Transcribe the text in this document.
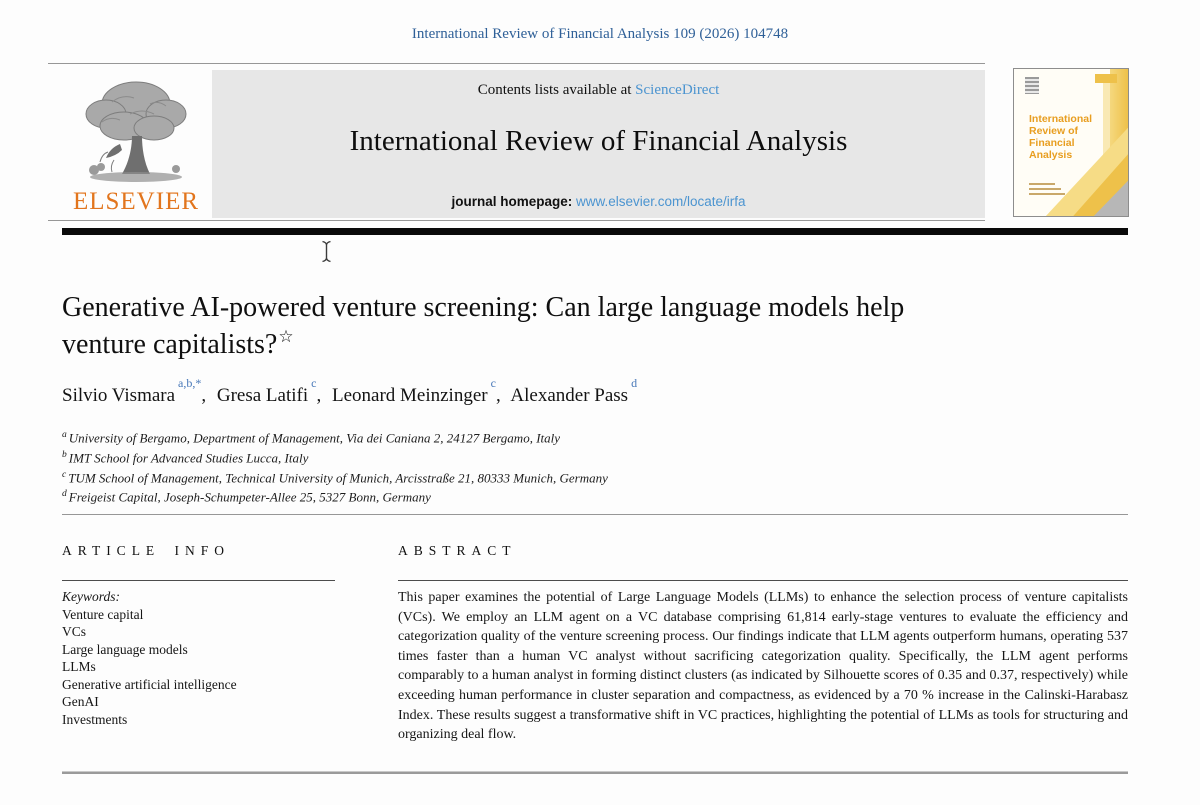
International Review of Financial Analysis 109 (2026) 104748
ELSEVIER
Contents lists available at ScienceDirect
International Review of Financial Analysis
journal homepage: www.elsevier.com/locate/irfa
International

Review of

Financial

Analysis
Generative AI-powered venture screening: Can large language models help
venture capitalists?☆
Silvio Vismara$^{a,b,*}$, Gresa Latifi$^c$, Leonard Meinzinger$^c$, Alexander Pass$^d$
$^a$ University of Bergamo, Department of Management, Via dei Caniana 2, 24127 Bergamo, Italy
$^b$ IMT School for Advanced Studies Lucca, Italy
$^c$ TUM School of Management, Technical University of Munich, Arcisstraße 21, 80333 Munich, Germany
$^d$ Freigeist Capital, Joseph-Schumpeter-Allee 25, 5327 Bonn, Germany
ARTICLE INFO
Keywords:
Venture capital
VCs
Large language models
LLMs
Generative artificial intelligence
GenAI
Investments
ABSTRACT
This paper examines the potential of Large Language Models (LLMs) to enhance the selection process of venture capitalists (VCs). We employ an LLM agent on a VC database comprising 61,814 early-stage ventures to evaluate the efficiency and categorization quality of the venture screening process. Our findings indicate that LLM agents outperform humans, operating 537 times faster than a human VC analyst without sacrificing categorization quality. Specifically, the LLM agent performs comparably to a human analyst in forming distinct clusters (as indicated by Silhouette scores of 0.35 and 0.37, respectively) while exceeding human performance in cluster separation and compactness, as evidenced by a 70 % increase in the Calinski-Harabasz Index. These results suggest a transformative shift in VC practices, highlighting the potential of LLMs as tools for structuring and organizing deal flow.
